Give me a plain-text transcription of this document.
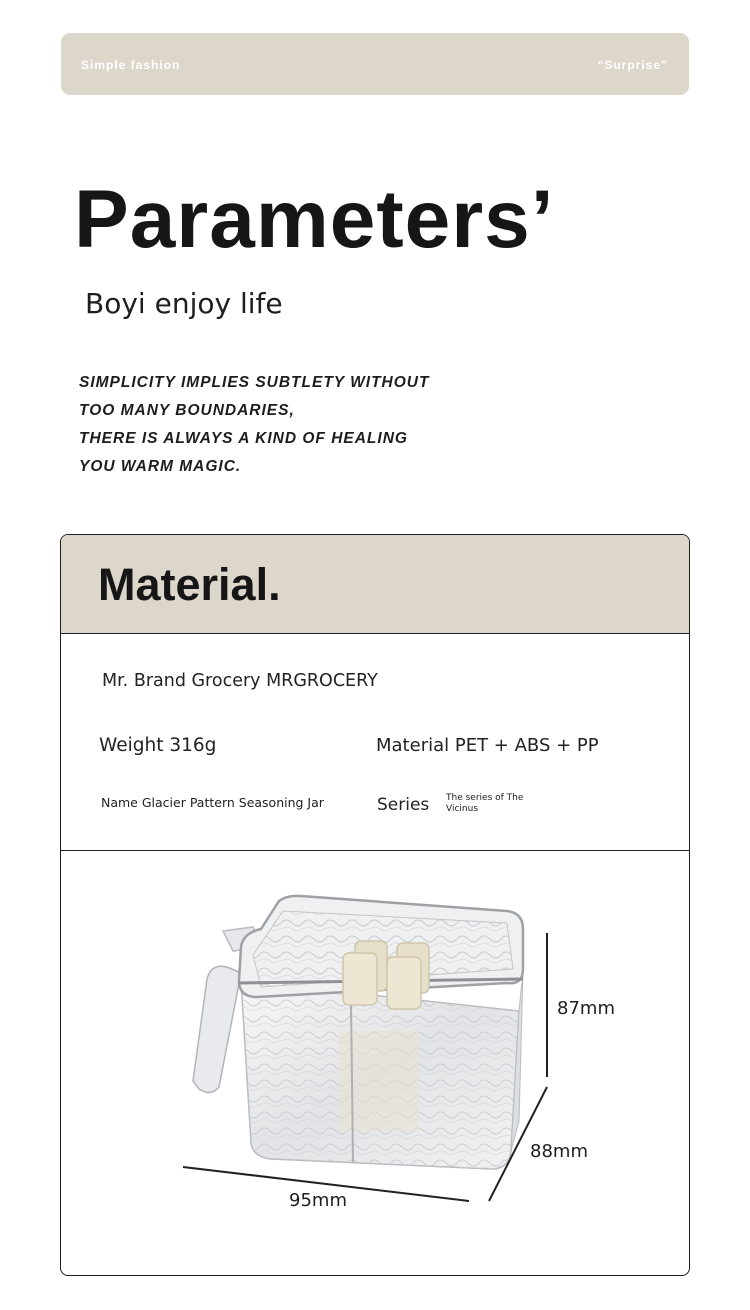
Simple fashion	“Surprise”
Parameters’
Boyi enjoy life
SIMPLICITY IMPLIES SUBTLETY WITHOUT
TOO MANY BOUNDARIES,
THERE IS ALWAYS A KIND OF HEALING
YOU WARM MAGIC.
Material.
Mr. Brand Grocery MRGROCERY
Weight 316g	Material PET + ABS + PP
Name Glacier Pattern Seasoning Jar	Series The series of The Vicinus
87mm
88mm
95mm
